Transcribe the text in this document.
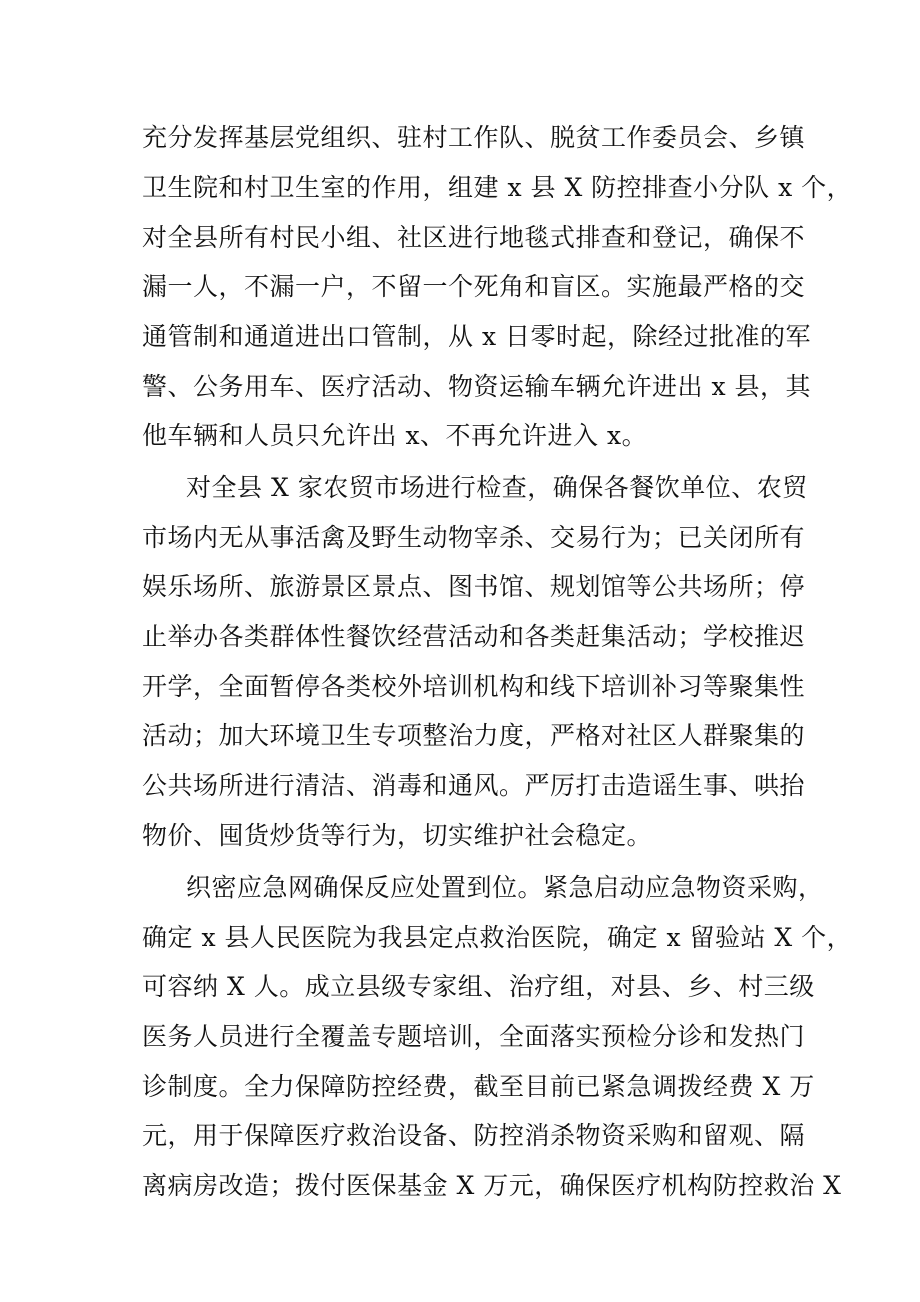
充分发挥基层党组织、驻村工作队、脱贫工作委员会、乡镇

卫生院和村卫生室的作用，组建 x 县 X 防控排查小分队 x 个，

对全县所有村民小组、社区进行地毯式排查和登记，确保不

漏一人，不漏一户，不留一个死角和盲区。实施最严格的交

通管制和通道进出口管制，从 x 日零时起，除经过批准的军

警、公务用车、医疗活动、物资运输车辆允许进出 x 县，其

他车辆和人员只允许出 x、不再允许进入 x。

对全县 X 家农贸市场进行检查，确保各餐饮单位、农贸

市场内无从事活禽及野生动物宰杀、交易行为；已关闭所有

娱乐场所、旅游景区景点、图书馆、规划馆等公共场所；停

止举办各类群体性餐饮经营活动和各类赶集活动；学校推迟

开学，全面暂停各类校外培训机构和线下培训补习等聚集性

活动；加大环境卫生专项整治力度，严格对社区人群聚集的

公共场所进行清洁、消毒和通风。严厉打击造谣生事、哄抬

物价、囤货炒货等行为，切实维护社会稳定。

织密应急网确保反应处置到位。紧急启动应急物资采购，

确定 x 县人民医院为我县定点救治医院，确定 x 留验站 X 个，

可容纳 X 人。成立县级专家组、治疗组，对县、乡、村三级

医务人员进行全覆盖专题培训，全面落实预检分诊和发热门

诊制度。全力保障防控经费，截至目前已紧急调拨经费 X 万

元，用于保障医疗救治设备、防控消杀物资采购和留观、隔

离病房改造；拨付医保基金 X 万元，确保医疗机构防控救治 X
